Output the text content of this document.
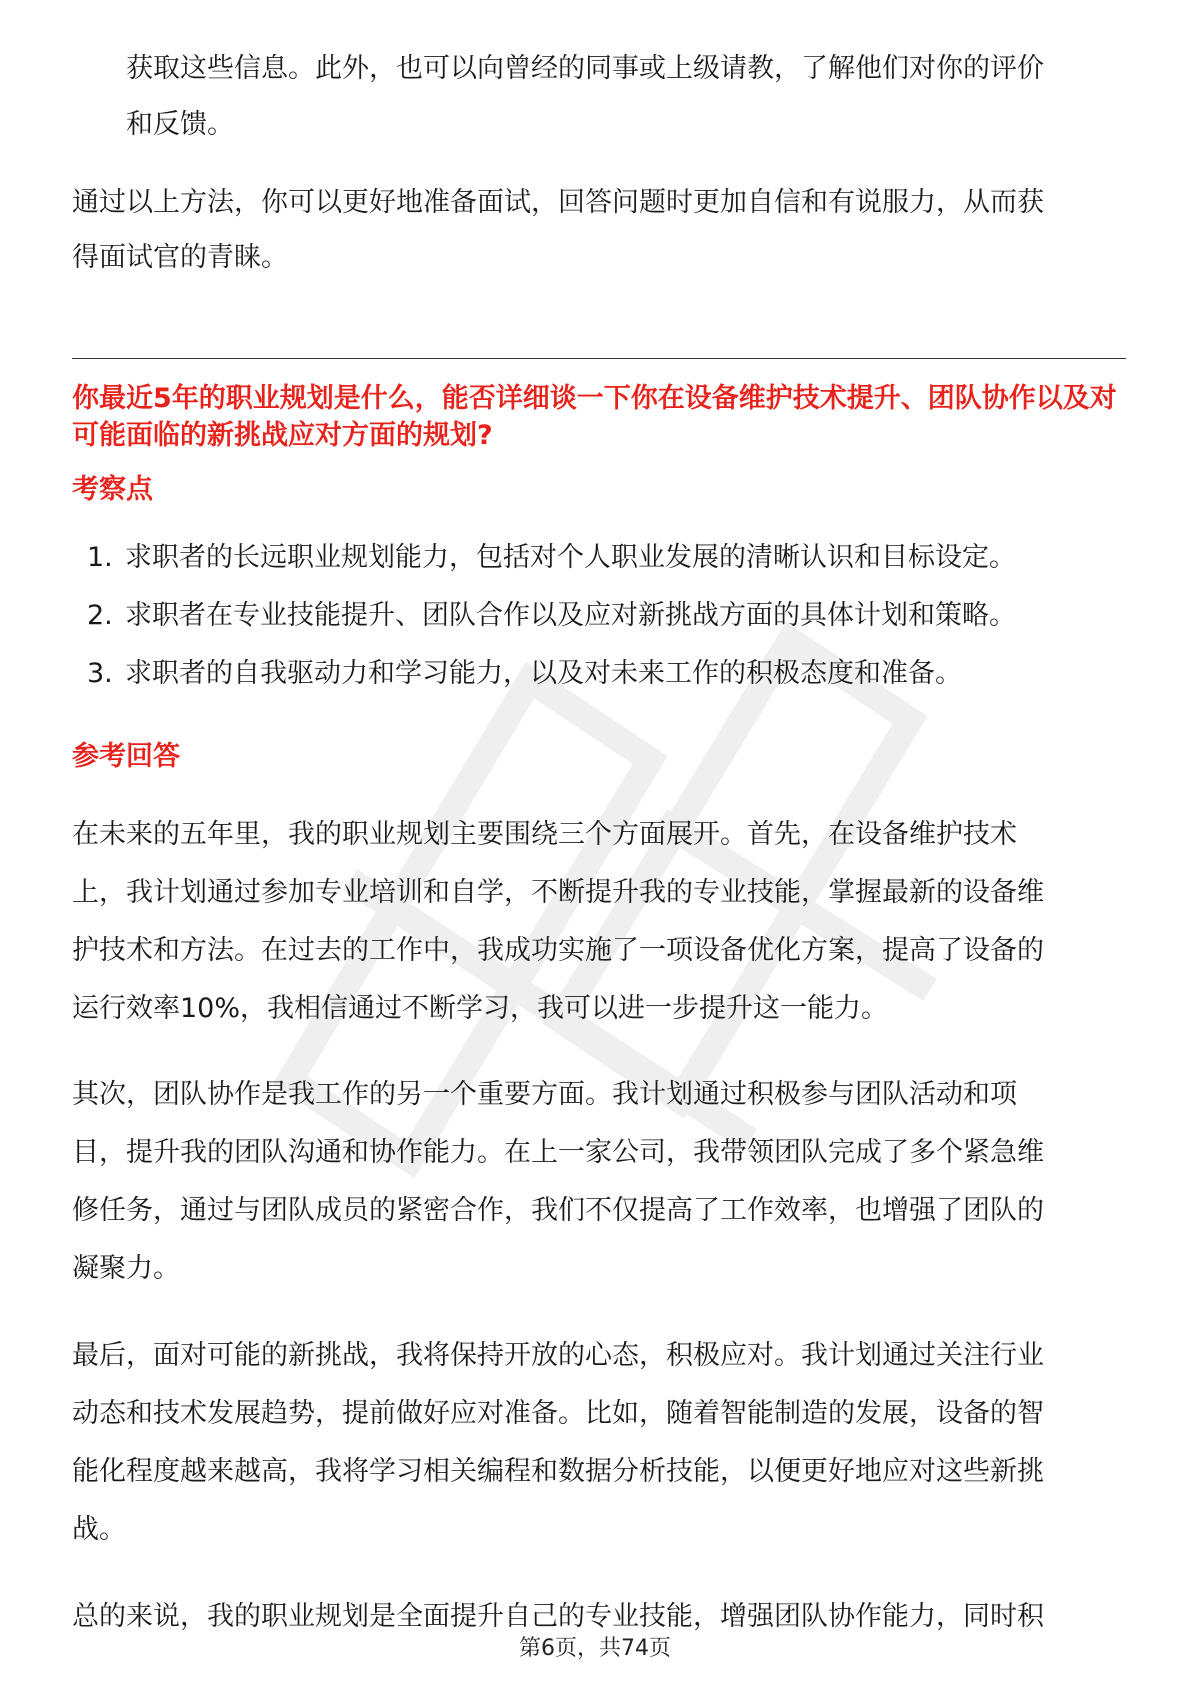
获取这些信息。此外，也可以向曾经的同事或上级请教，了解他们对你的评价

和反馈。

通过以上方法，你可以更好地准备面试，回答问题时更加自信和有说服力，从而获

得面试官的青睐。

你最近5年的职业规划是什么，能否详细谈一下你在设备维护技术提升、团队协作以及对可能面临的新挑战应对方面的规划?

考察点

1. 求职者的长远职业规划能力，包括对个人职业发展的清晰认识和目标设定。

2. 求职者在专业技能提升、团队合作以及应对新挑战方面的具体计划和策略。

3. 求职者的自我驱动力和学习能力，以及对未来工作的积极态度和准备。

参考回答

在未来的五年里，我的职业规划主要围绕三个方面展开。首先，在设备维护技术

上，我计划通过参加专业培训和自学，不断提升我的专业技能，掌握最新的设备维

护技术和方法。在过去的工作中，我成功实施了一项设备优化方案，提高了设备的

运行效率10%，我相信通过不断学习，我可以进一步提升这一能力。

其次，团队协作是我工作的另一个重要方面。我计划通过积极参与团队活动和项

目，提升我的团队沟通和协作能力。在上一家公司，我带领团队完成了多个紧急维

修任务，通过与团队成员的紧密合作，我们不仅提高了工作效率，也增强了团队的

凝聚力。

最后，面对可能的新挑战，我将保持开放的心态，积极应对。我计划通过关注行业

动态和技术发展趋势，提前做好应对准备。比如，随着智能制造的发展，设备的智

能化程度越来越高，我将学习相关编程和数据分析技能，以便更好地应对这些新挑

战。

总的来说，我的职业规划是全面提升自己的专业技能，增强团队协作能力，同时积

第6页，共74页
